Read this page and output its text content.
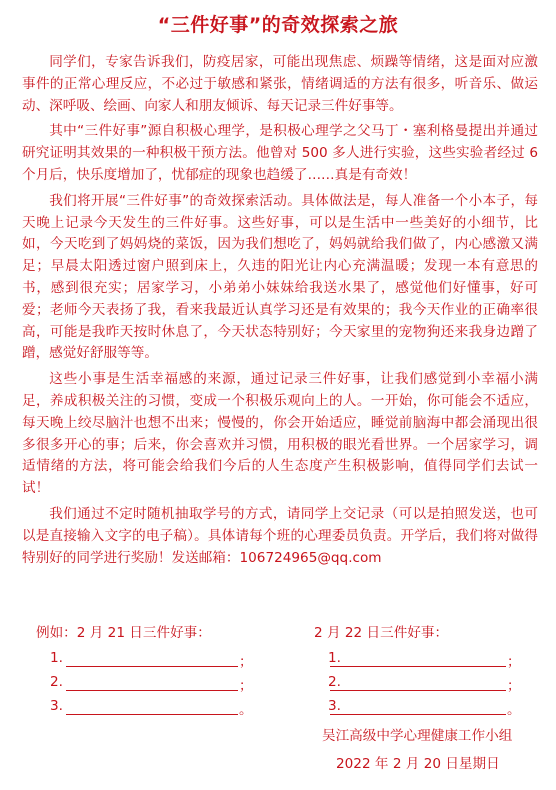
“三件好事”的奇效探索之旅

同学们，专家告诉我们，防疫居家，可能出现焦虑、烦躁等情绪，这是面对应激事件的正常心理反应，不必过于敏感和紧张，情绪调适的方法有很多，听音乐、做运动、深呼吸、绘画、向家人和朋友倾诉、每天记录三件好事等。

其中“三件好事”源自积极心理学，是积极心理学之父马丁・塞利格曼提出并通过研究证明其效果的一种积极干预方法。他曾对 500 多人进行实验，这些实验者经过 6 个月后，快乐度增加了，忧郁症的现象也趋缓了……真是有奇效！

我们将开展“三件好事”的奇效探索活动。具体做法是，每人准备一个小本子，每天晚上记录今天发生的三件好事。这些好事，可以是生活中一些美好的小细节，比如，今天吃到了妈妈烧的菜饭，因为我们想吃了，妈妈就给我们做了，内心感激又满足；早晨太阳透过窗户照到床上，久违的阳光让内心充满温暖；发现一本有意思的书，感到很充实；居家学习，小弟弟小妹妹给我送水果了，感觉他们好懂事，好可爱；老师今天表扬了我，看来我最近认真学习还是有效果的；我今天作业的正确率很高，可能是我昨天按时休息了，今天状态特别好；今天家里的宠物狗还来我身边蹭了蹭，感觉好舒服等等。

这些小事是生活幸福感的来源，通过记录三件好事，让我们感觉到小幸福小满足，养成积极关注的习惯，变成一个积极乐观向上的人。一开始，你可能会不适应，每天晚上绞尽脑汁也想不出来；慢慢的，你会开始适应，睡觉前脑海中都会涌现出很多很多开心的事；后来，你会喜欢并习惯，用积极的眼光看世界。一个居家学习，调适情绪的方法，将可能会给我们今后的人生态度产生积极影响，值得同学们去试一试！

我们通过不定时随机抽取学号的方式，请同学上交记录（可以是拍照发送，也可以是直接输入文字的电子稿）。具体请每个班的心理委员负责。开学后，我们将对做得特别好的同学进行奖励！发送邮箱：106724965@qq.com

例如：2 月 21 日三件好事：
1.	；
2.	；
3.	。
2 月 22 日三件好事：
1.	；
2.	；
3.	。
吴江高级中学心理健康工作小组
2022 年 2 月 20 日星期日
